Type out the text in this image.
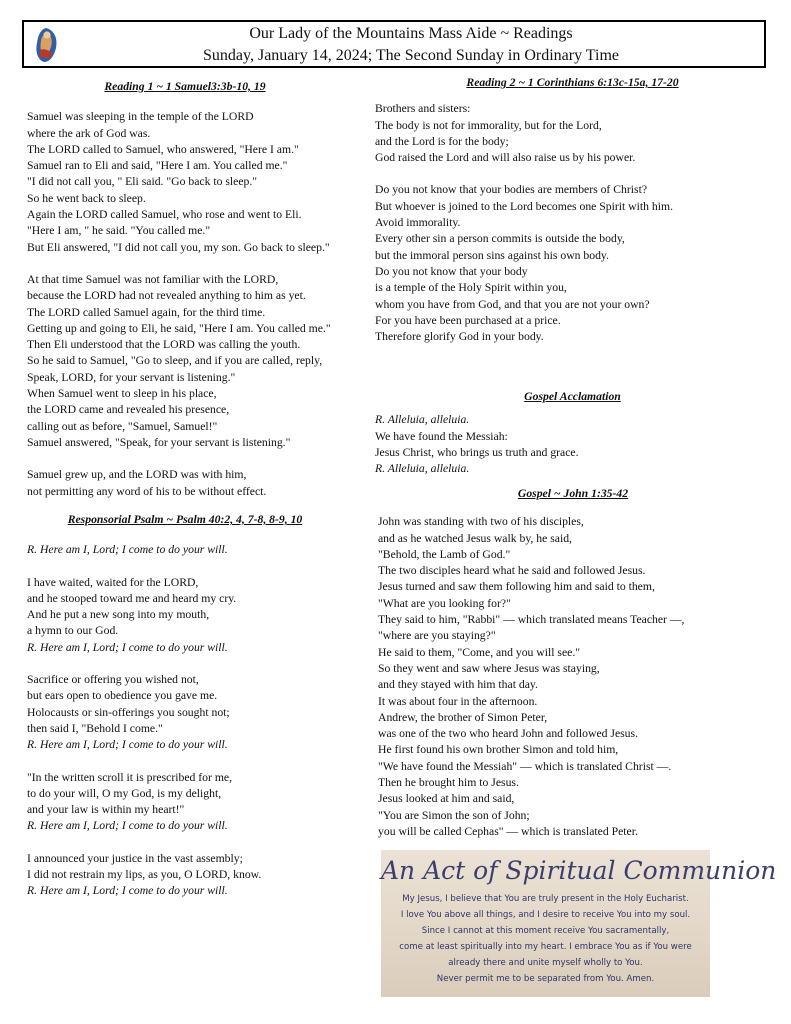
Our Lady of the Mountains Mass Aide ~ Readings
Sunday, January 14, 2024; The Second Sunday in Ordinary Time
Reading 1 ~ 1 Samuel3:3b-10, 19

Samuel was sleeping in the temple of the LORD

where the ark of God was.

The LORD called to Samuel, who answered, "Here I am."

Samuel ran to Eli and said, "Here I am. You called me."

"I did not call you, " Eli said. "Go back to sleep."

So he went back to sleep.

Again the LORD called Samuel, who rose and went to Eli.

"Here I am, " he said. "You called me."

But Eli answered, "I did not call you, my son. Go back to sleep."

At that time Samuel was not familiar with the LORD,

because the LORD had not revealed anything to him as yet.

The LORD called Samuel again, for the third time.

Getting up and going to Eli, he said, "Here I am. You called me."

Then Eli understood that the LORD was calling the youth.

So he said to Samuel, "Go to sleep, and if you are called, reply,

Speak, LORD, for your servant is listening."

When Samuel went to sleep in his place,

the LORD came and revealed his presence,

calling out as before, "Samuel, Samuel!"

Samuel answered, "Speak, for your servant is listening."

Samuel grew up, and the LORD was with him,

not permitting any word of his to be without effect.

Responsorial Psalm ~ Psalm 40:2, 4, 7-8, 8-9, 10

R. Here am I, Lord; I come to do your will.

I have waited, waited for the LORD,

and he stooped toward me and heard my cry.

And he put a new song into my mouth,

a hymn to our God.

R. Here am I, Lord; I come to do your will.

Sacrifice or offering you wished not,

but ears open to obedience you gave me.

Holocausts or sin-offerings you sought not;

then said I, "Behold I come."

R. Here am I, Lord; I come to do your will.

"In the written scroll it is prescribed for me,

to do your will, O my God, is my delight,

and your law is within my heart!"

R. Here am I, Lord; I come to do your will.

I announced your justice in the vast assembly;

I did not restrain my lips, as you, O LORD, know.

R. Here am I, Lord; I come to do your will.

Reading 2 ~ 1 Corinthians 6:13c-15a, 17-20

Brothers and sisters:

The body is not for immorality, but for the Lord,

and the Lord is for the body;

God raised the Lord and will also raise us by his power.

Do you not know that your bodies are members of Christ?

But whoever is joined to the Lord becomes one Spirit with him.

Avoid immorality.

Every other sin a person commits is outside the body,

but the immoral person sins against his own body.

Do you not know that your body

is a temple of the Holy Spirit within you,

whom you have from God, and that you are not your own?

For you have been purchased at a price.

Therefore glorify God in your body.

Gospel Acclamation

R. Alleluia, alleluia.

We have found the Messiah:

Jesus Christ, who brings us truth and grace.

R. Alleluia, alleluia.

Gospel ~ John 1:35-42

John was standing with two of his disciples,

and as he watched Jesus walk by, he said,

"Behold, the Lamb of God."

The two disciples heard what he said and followed Jesus.

Jesus turned and saw them following him and said to them,

"What are you looking for?"

They said to him, "Rabbi" — which translated means Teacher —,

"where are you staying?"

He said to them, "Come, and you will see."

So they went and saw where Jesus was staying,

and they stayed with him that day.

It was about four in the afternoon.

Andrew, the brother of Simon Peter,

was one of the two who heard John and followed Jesus.

He first found his own brother Simon and told him,

"We have found the Messiah" — which is translated Christ —.

Then he brought him to Jesus.

Jesus looked at him and said,

"You are Simon the son of John;

you will be called Cephas" — which is translated Peter.

An Act of Spiritual Communion
My Jesus, I believe that You are truly present in the Holy Eucharist.
I love You above all things, and I desire to receive You into my soul.
Since I cannot at this moment receive You sacramentally,
come at least spiritually into my heart. I embrace You as if You were
already there and unite myself wholly to You.
Never permit me to be separated from You. Amen.
